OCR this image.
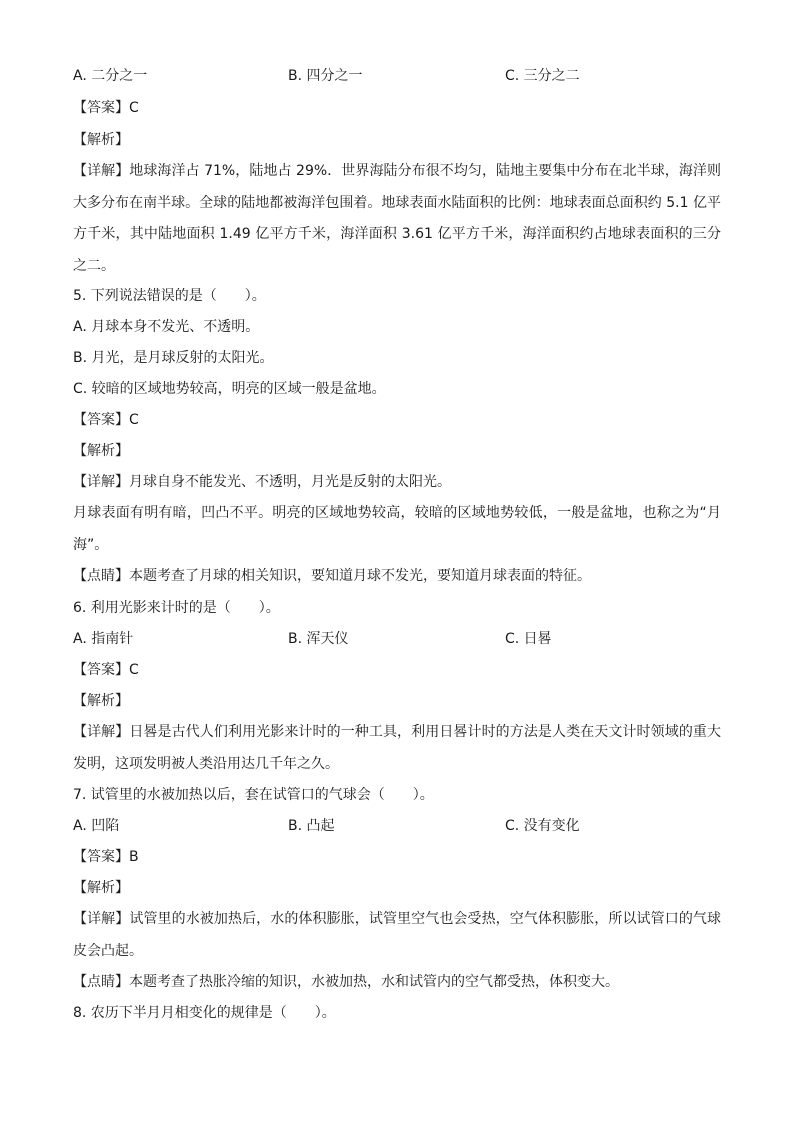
A. 二分之一	B. 四分之一	C. 三分之二
【答案】C
【解析】
【详解】地球海洋占 71%，陆地占 29%．世界海陆分布很不均匀，陆地主要集中分布在北半球，海洋则大多分布在南半球。全球的陆地都被海洋包围着。地球表面水陆面积的比例：地球表面总面积约 5.1 亿平方千米，其中陆地面积 1.49 亿平方千米，海洋面积 3.61 亿平方千米，海洋面积约占地球表面积的三分之二。
5. 下列说法错误的是（　　）。
A. 月球本身不发光、不透明。
B. 月光，是月球反射的太阳光。
C. 较暗的区域地势较高，明亮的区域一般是盆地。
【答案】C
【解析】
【详解】月球自身不能发光、不透明，月光是反射的太阳光。
月球表面有明有暗，凹凸不平。明亮的区域地势较高，较暗的区域地势较低，一般是盆地，也称之为“月海”。
【点睛】本题考查了月球的相关知识，要知道月球不发光，要知道月球表面的特征。
6. 利用光影来计时的是（　　）。
A. 指南针	B. 浑天仪	C. 日晷
【答案】C
【解析】
【详解】日晷是古代人们利用光影来计时的一种工具，利用日晷计时的方法是人类在天文计时领域的重大发明，这项发明被人类沿用达几千年之久。
7. 试管里的水被加热以后，套在试管口的气球会（　　）。
A. 凹陷	B. 凸起	C. 没有变化
【答案】B
【解析】
【详解】试管里的水被加热后，水的体积膨胀，试管里空气也会受热，空气体积膨胀，所以试管口的气球皮会凸起。
【点睛】本题考查了热胀冷缩的知识，水被加热，水和试管内的空气都受热，体积变大。
8. 农历下半月月相变化的规律是（　　）。
